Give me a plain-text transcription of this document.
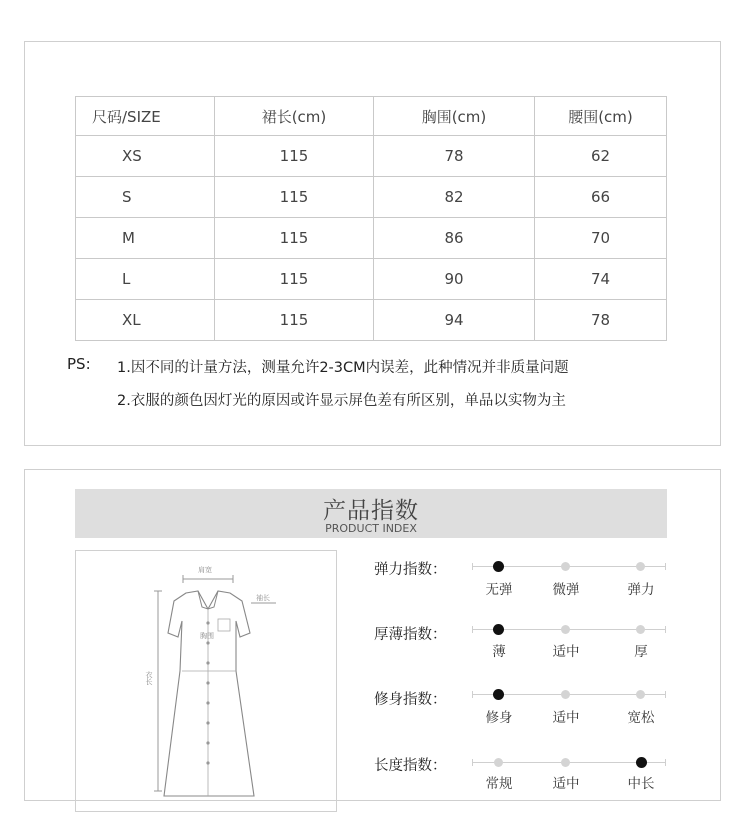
尺码/SIZE	裙长(cm)	胸围(cm)	腰围(cm)
XS	115	78	62
S	115	82	66
M	115	86	70
L	115	90	74
XL	115	94	78
PS: 1.因不同的计量方法，测量允许2-3CM内误差，此种情况并非质量问题
2.衣服的颜色因灯光的原因或许显示屏色差有所区别，单品以实物为主
产品指数
PRODUCT INDEX
肩宽
袖长
胸围
衣长
弹力指数：
无弹	微弹	弹力
厚薄指数：
薄	适中	厚
修身指数：
修身	适中	宽松
长度指数：
常规	适中	中长
